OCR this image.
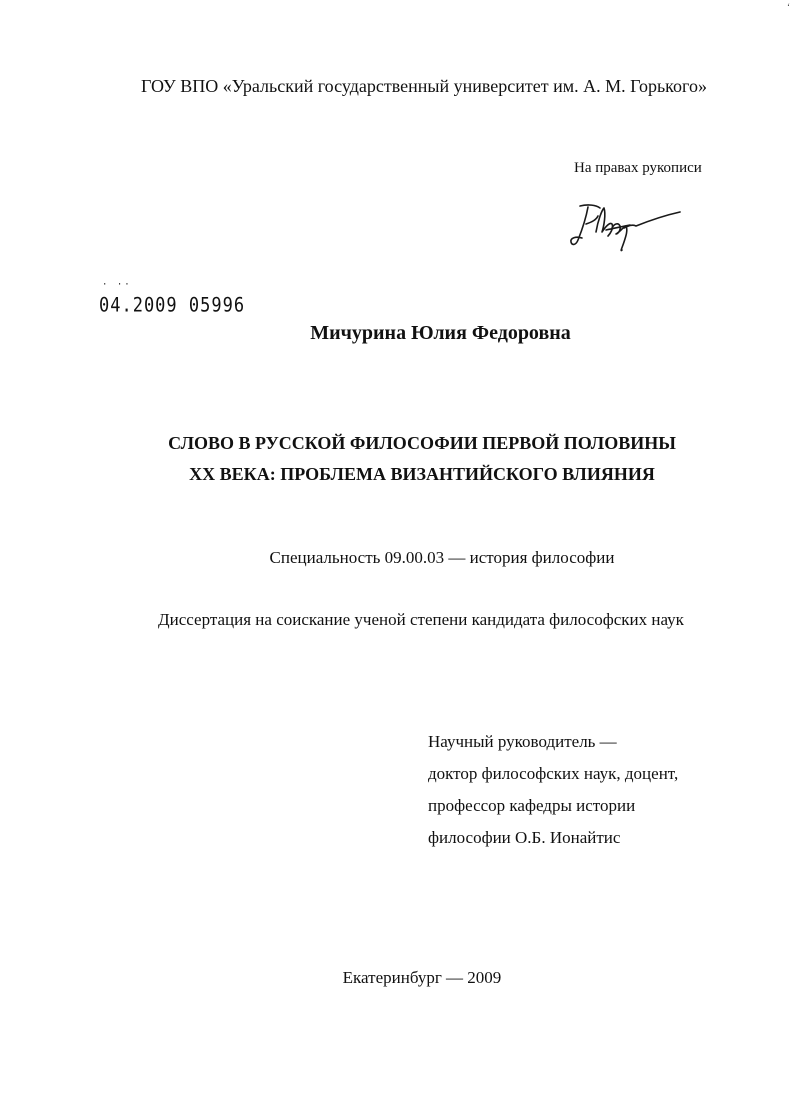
‘
ГОУ ВПО «Уральский государственный университет им. А. М. Горького»
На правах рукописи
· ··
04.2009 05996
Мичурина Юлия Федоровна
СЛОВО В РУССКОЙ ФИЛОСОФИИ ПЕРВОЙ ПОЛОВИНЫ
XX ВЕКА: ПРОБЛЕМА ВИЗАНТИЙСКОГО ВЛИЯНИЯ
Специальность 09.00.03 — история философии
Диссертация на соискание ученой степени кандидата философских наук
Научный руководитель —
доктор философских наук, доцент,
профессор кафедры истории
философии О.Б. Ионайтис
Екатеринбург — 2009
